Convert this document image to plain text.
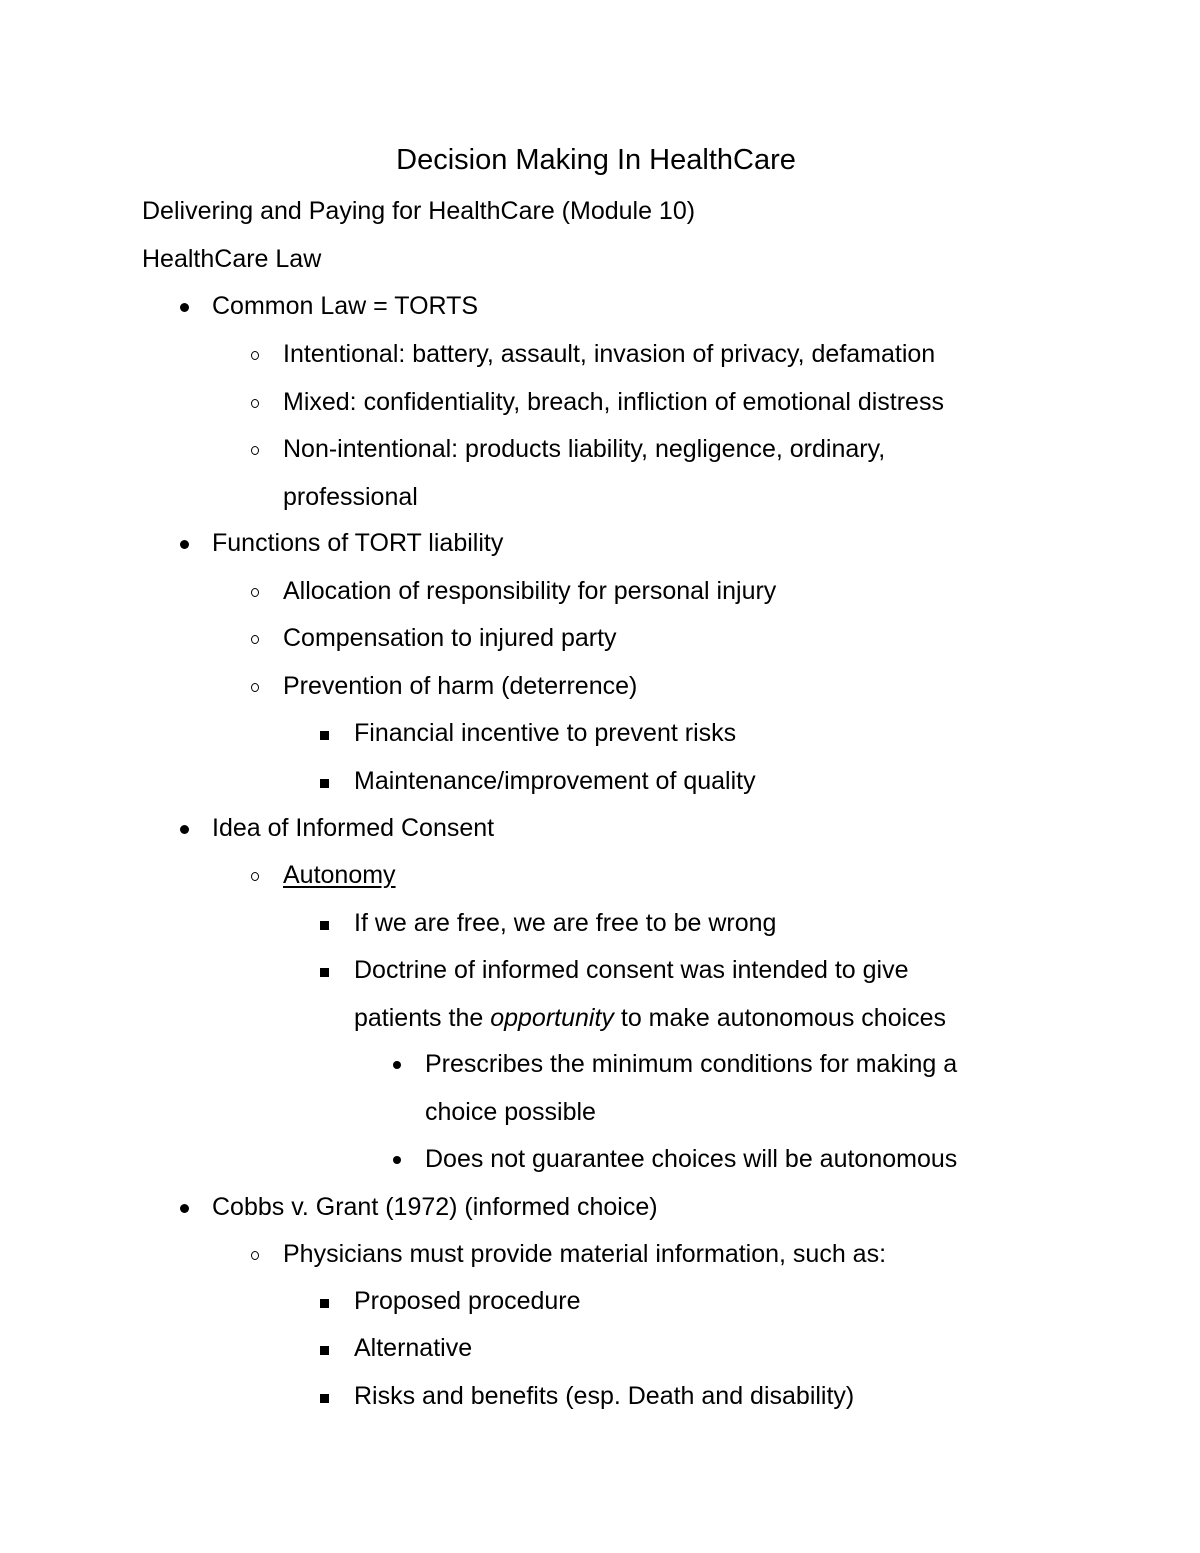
Decision Making In HealthCare
Delivering and Paying for HealthCare (Module 10)
HealthCare Law
Common Law = TORTS
Intentional: battery, assault, invasion of privacy, defamation
Mixed: confidentiality, breach, infliction of emotional distress
Non-intentional: products liability, negligence, ordinary,
professional
Functions of TORT liability
Allocation of responsibility for personal injury
Compensation to injured party
Prevention of harm (deterrence)
Financial incentive to prevent risks
Maintenance/improvement of quality
Idea of Informed Consent
Autonomy
If we are free, we are free to be wrong
Doctrine of informed consent was intended to give
patients the opportunity to make autonomous choices
Prescribes the minimum conditions for making a
choice possible
Does not guarantee choices will be autonomous
Cobbs v. Grant (1972) (informed choice)
Physicians must provide material information, such as:
Proposed procedure
Alternative
Risks and benefits (esp. Death and disability)
